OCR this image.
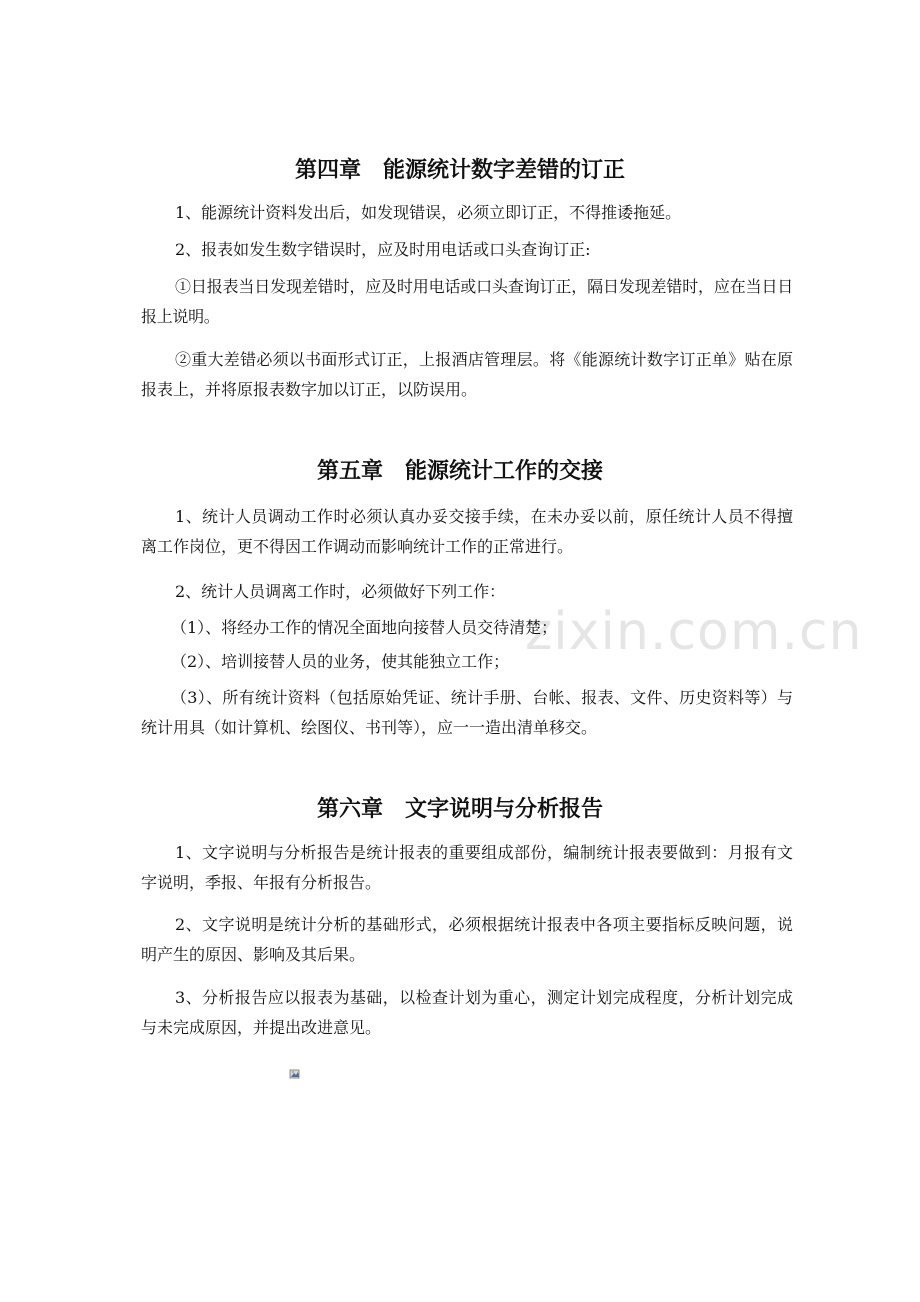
第四章　能源统计数字差错的订正

1、能源统计资料发出后，如发现错误，必须立即订正，不得推诿拖延。

2、报表如发生数字错误时，应及时用电话或口头查询订正:

①日报表当日发现差错时，应及时用电话或口头查询订正，隔日发现差错时，应在当日日报上说明。

②重大差错必须以书面形式订正，上报酒店管理层。将《能源统计数字订正单》贴在原报表上，并将原报表数字加以订正，以防误用。

第五章　能源统计工作的交接

1、统计人员调动工作时必须认真办妥交接手续，在未办妥以前，原任统计人员不得擅离工作岗位，更不得因工作调动而影响统计工作的正常进行。

2、统计人员调离工作时，必须做好下列工作：

（1）、将经办工作的情况全面地向接替人员交待清楚；

（2）、培训接替人员的业务，使其能独立工作；

（3）、所有统计资料（包括原始凭证、统计手册、台帐、报表、文件、历史资料等）与统计用具（如计算机、绘图仪、书刊等），应一一造出清单移交。

zixin.com.cn
第六章　文字说明与分析报告

1、文字说明与分析报告是统计报表的重要组成部份，编制统计报表要做到：月报有文字说明，季报、年报有分析报告。

2、文字说明是统计分析的基础形式，必须根据统计报表中各项主要指标反映问题，说明产生的原因、影响及其后果。

3、分析报告应以报表为基础，以检查计划为重心，测定计划完成程度，分析计划完成与未完成原因，并提出改进意见。
